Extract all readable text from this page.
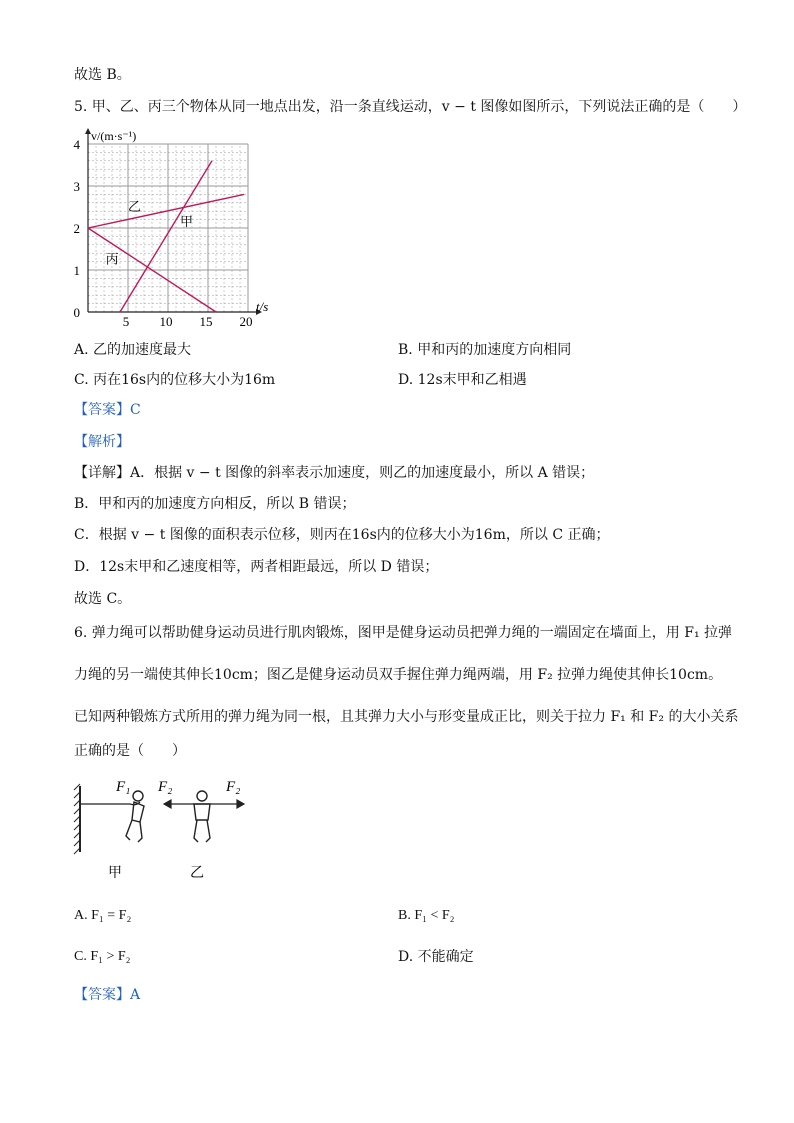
故选 B。
5. 甲、乙、丙三个物体从同一地点出发，沿一条直线运动，v − t 图像如图所示，下列说法正确的是（　　）
5 10 15 20
0
1
2
3
4
t/s
v/(m·s⁻¹)
乙
甲
丙
A. 乙的加速度最大	B. 甲和丙的加速度方向相同
C. 丙在16s内的位移大小为16m	D. 12s末甲和乙相遇
【答案】C
【解析】
【详解】A．根据 v − t 图像的斜率表示加速度，则乙的加速度最小，所以 A 错误；
B．甲和丙的加速度方向相反，所以 B 错误；
C．根据 v − t 图像的面积表示位移，则丙在16s内的位移大小为16m，所以 C 正确；
D．12s末甲和乙速度相等，两者相距最远，所以 D 错误；
故选 C。
6. 弹力绳可以帮助健身运动员进行肌肉锻炼，图甲是健身运动员把弹力绳的一端固定在墙面上，用 F₁ 拉弹
力绳的另一端使其伸长10cm；图乙是健身运动员双手握住弹力绳两端，用 F₂ 拉弹力绳使其伸长10cm。
已知两种锻炼方式所用的弹力绳为同一根，且其弹力大小与形变量成正比，则关于拉力 F₁ 和 F₂ 的大小关系
正确的是（　　）
F₁ F₂	F₂
甲	乙
A. F₁ = F₂	B. F₁ < F₂
C. F₁ > F₂	D. 不能确定
【答案】A
